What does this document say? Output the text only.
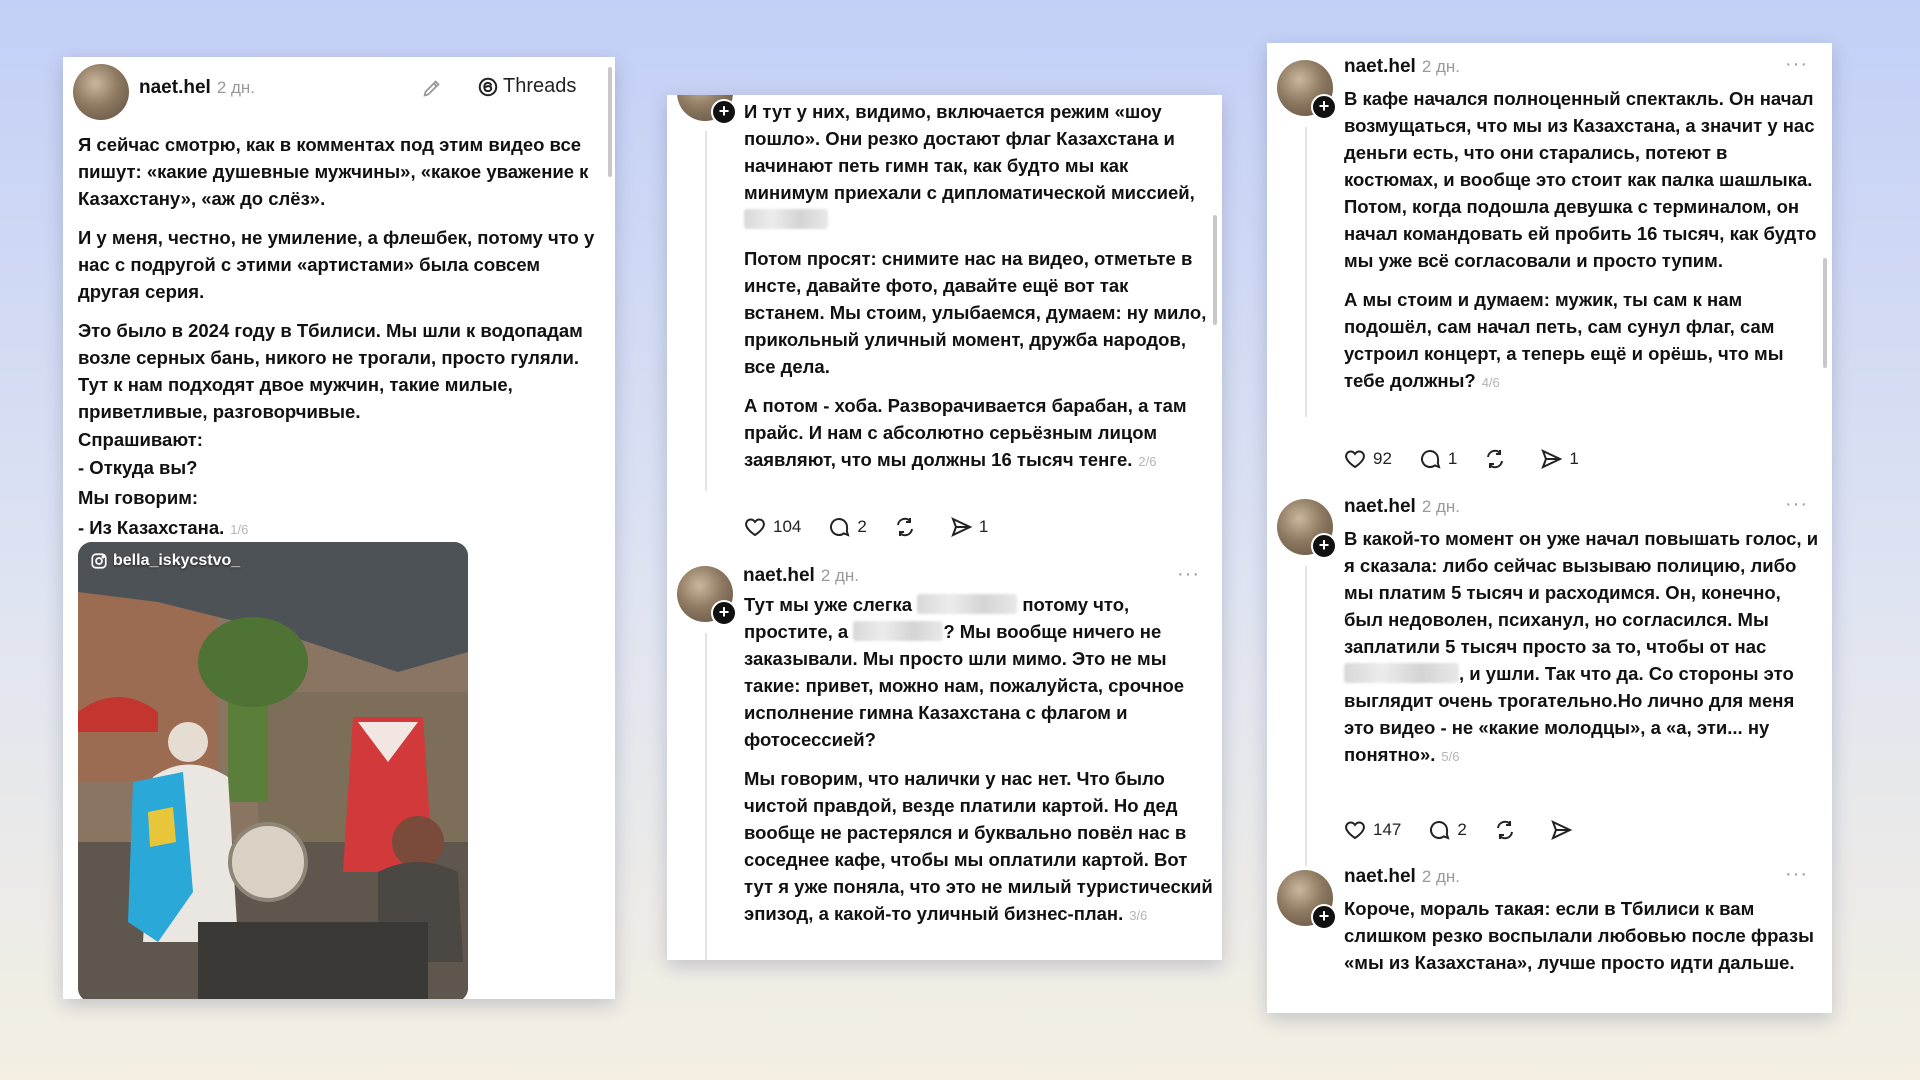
naet.hel 2 дн.	Threads
Я сейчас смотрю, как в комментах под этим видео все пишут: «какие душевные мужчины», «какое уважение к Казахстану», «аж до слёз».
И у меня, честно, не умиление, а флешбек, потому что у нас с подругой с этими «артистами» была совсем другая серия.
Это было в 2024 году в Тбилиси. Мы шли к водопадам возле серных бань, никого не трогали, просто гуляли. Тут к нам подходят двое мужчин, такие милые, приветливые, разговорчивые.
Спрашивают:
- Откуда вы?
Мы говорим:
- Из Казахстана. 1/6
bella_iskyсstvo_
+ И тут у них, видимо, включается режим «шоу пошло». Они резко достают флаг Казахстана и начинают петь гимн так, как будто мы как минимум приехали с дипломатической миссией,
Потом просят: снимите нас на видео, отметьте в инсте, давайте фото, давайте ещё вот так встанем. Мы стоим, улыбаемся, думаем: ну мило, прикольный уличный момент, дружба народов, все дела.
А потом - хоба. Разворачивается барабан, а там прайс. И нам с абсолютно серьёзным лицом заявляют, что мы должны 16 тысяч тенге. 2/6
104	2	1
+
naet.hel 2 дн.	···
Тут мы уже слегка	потому что, простите, а	? Мы вообще ничего не заказывали. Мы просто шли мимо. Это не мы такие: привет, можно нам, пожалуйста, срочное исполнение гимна Казахстана с флагом и фотосессией?
Мы говорим, что налички у нас нет. Что было чистой правдой, везде платили картой. Но дед вообще не растерялся и буквально повёл нас в соседнее кафе, чтобы мы оплатили картой. Вот тут я уже поняла, что это не милый туристический эпизод, а какой-то уличный бизнес-план. 3/6
+
naet.hel 2 дн.	···
В кафе начался полноценный спектакль. Он начал возмущаться, что мы из Казахстана, а значит у нас деньги есть, что они старались, потеют в костюмах, и вообще это стоит как палка шашлыка. Потом, когда подошла девушка с терминалом, он начал командовать ей пробить 16 тысяч, как будто мы уже всё согласовали и просто тупим.
А мы стоим и думаем: мужик, ты сам к нам подошёл, сам начал петь, сам сунул флаг, сам устроил концерт, а теперь ещё и орёшь, что мы тебе должны? 4/6
92	1	1
+
naet.hel 2 дн.	···
В какой-то момент он уже начал повышать голос, и я сказала: либо сейчас вызываю полицию, либо мы платим 5 тысяч и расходимся. Он, конечно, был недоволен, психанул, но согласился. Мы заплатили 5 тысяч просто за то, чтобы от нас , и ушли. Так что да. Со стороны это выглядит очень трогательно.Но лично для меня это видео - не «какие молодцы», а «а, эти... ну понятно». 5/6
147	2
+
naet.hel 2 дн.	···
Короче, мораль такая: если в Тбилиси к вам слишком резко воспылали любовью после фразы «мы из Казахстана», лучше просто идти дальше.
